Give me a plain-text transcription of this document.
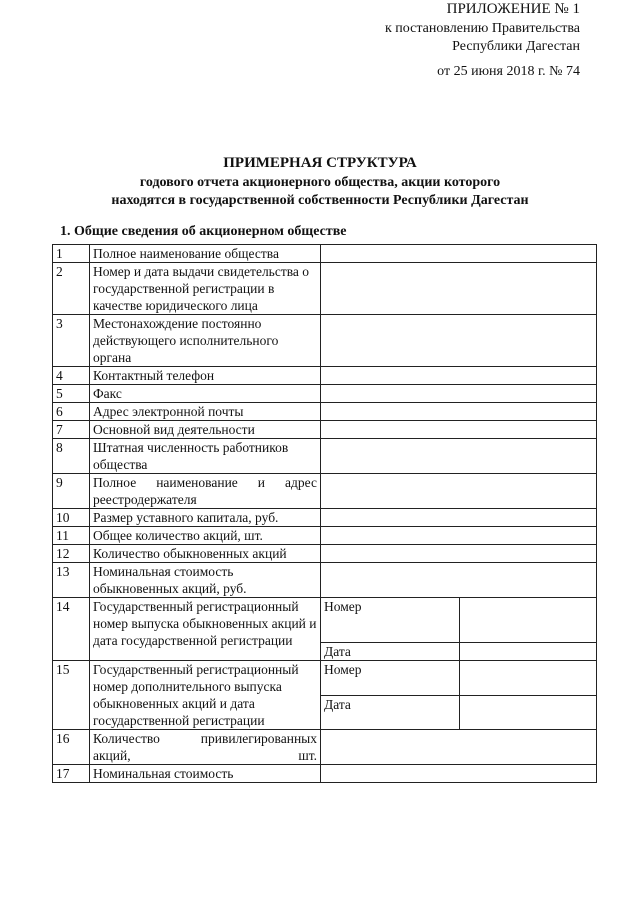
ПРИЛОЖЕНИЕ № 1
к постановлению Правительства
Республики Дагестан
от 25 июня 2018 г. № 74
ПРИМЕРНАЯ СТРУКТУРА
годового отчета акционерного общества, акции которого
находятся в государственной собственности Республики Дагестан
1. Общие сведения об акционерном обществе
1	Полное наименование общества		
2	Номер и дата выдачи свидетельства о государственной регистрации в качестве юридического лица		
3	Местонахождение постоянно действующего исполнительного органа		
4	Контактный телефон		
5	Факс		
6	Адрес электронной почты		
7	Основной вид деятельности		
8	Штатная численность работников общества		
9	Полное наименование и адрес реестродержателя		
10	Размер уставного капитала, руб.		
11	Общее количество акций, шт.		
12	Количество обыкновенных акций		
13	Номинальная стоимость обыкновенных акций, руб.		
14	Государственный регистрационный номер выпуска обыкновенных акций и дата государственной регистрации	Номер	
		Дата	
15	Государственный регистрационный номер дополнительного выпуска обыкновенных акций и дата государственной регистрации	Номер	
		Дата	
16	Количество привилегированных акций, шт.		
17	Номинальная стоимость		
